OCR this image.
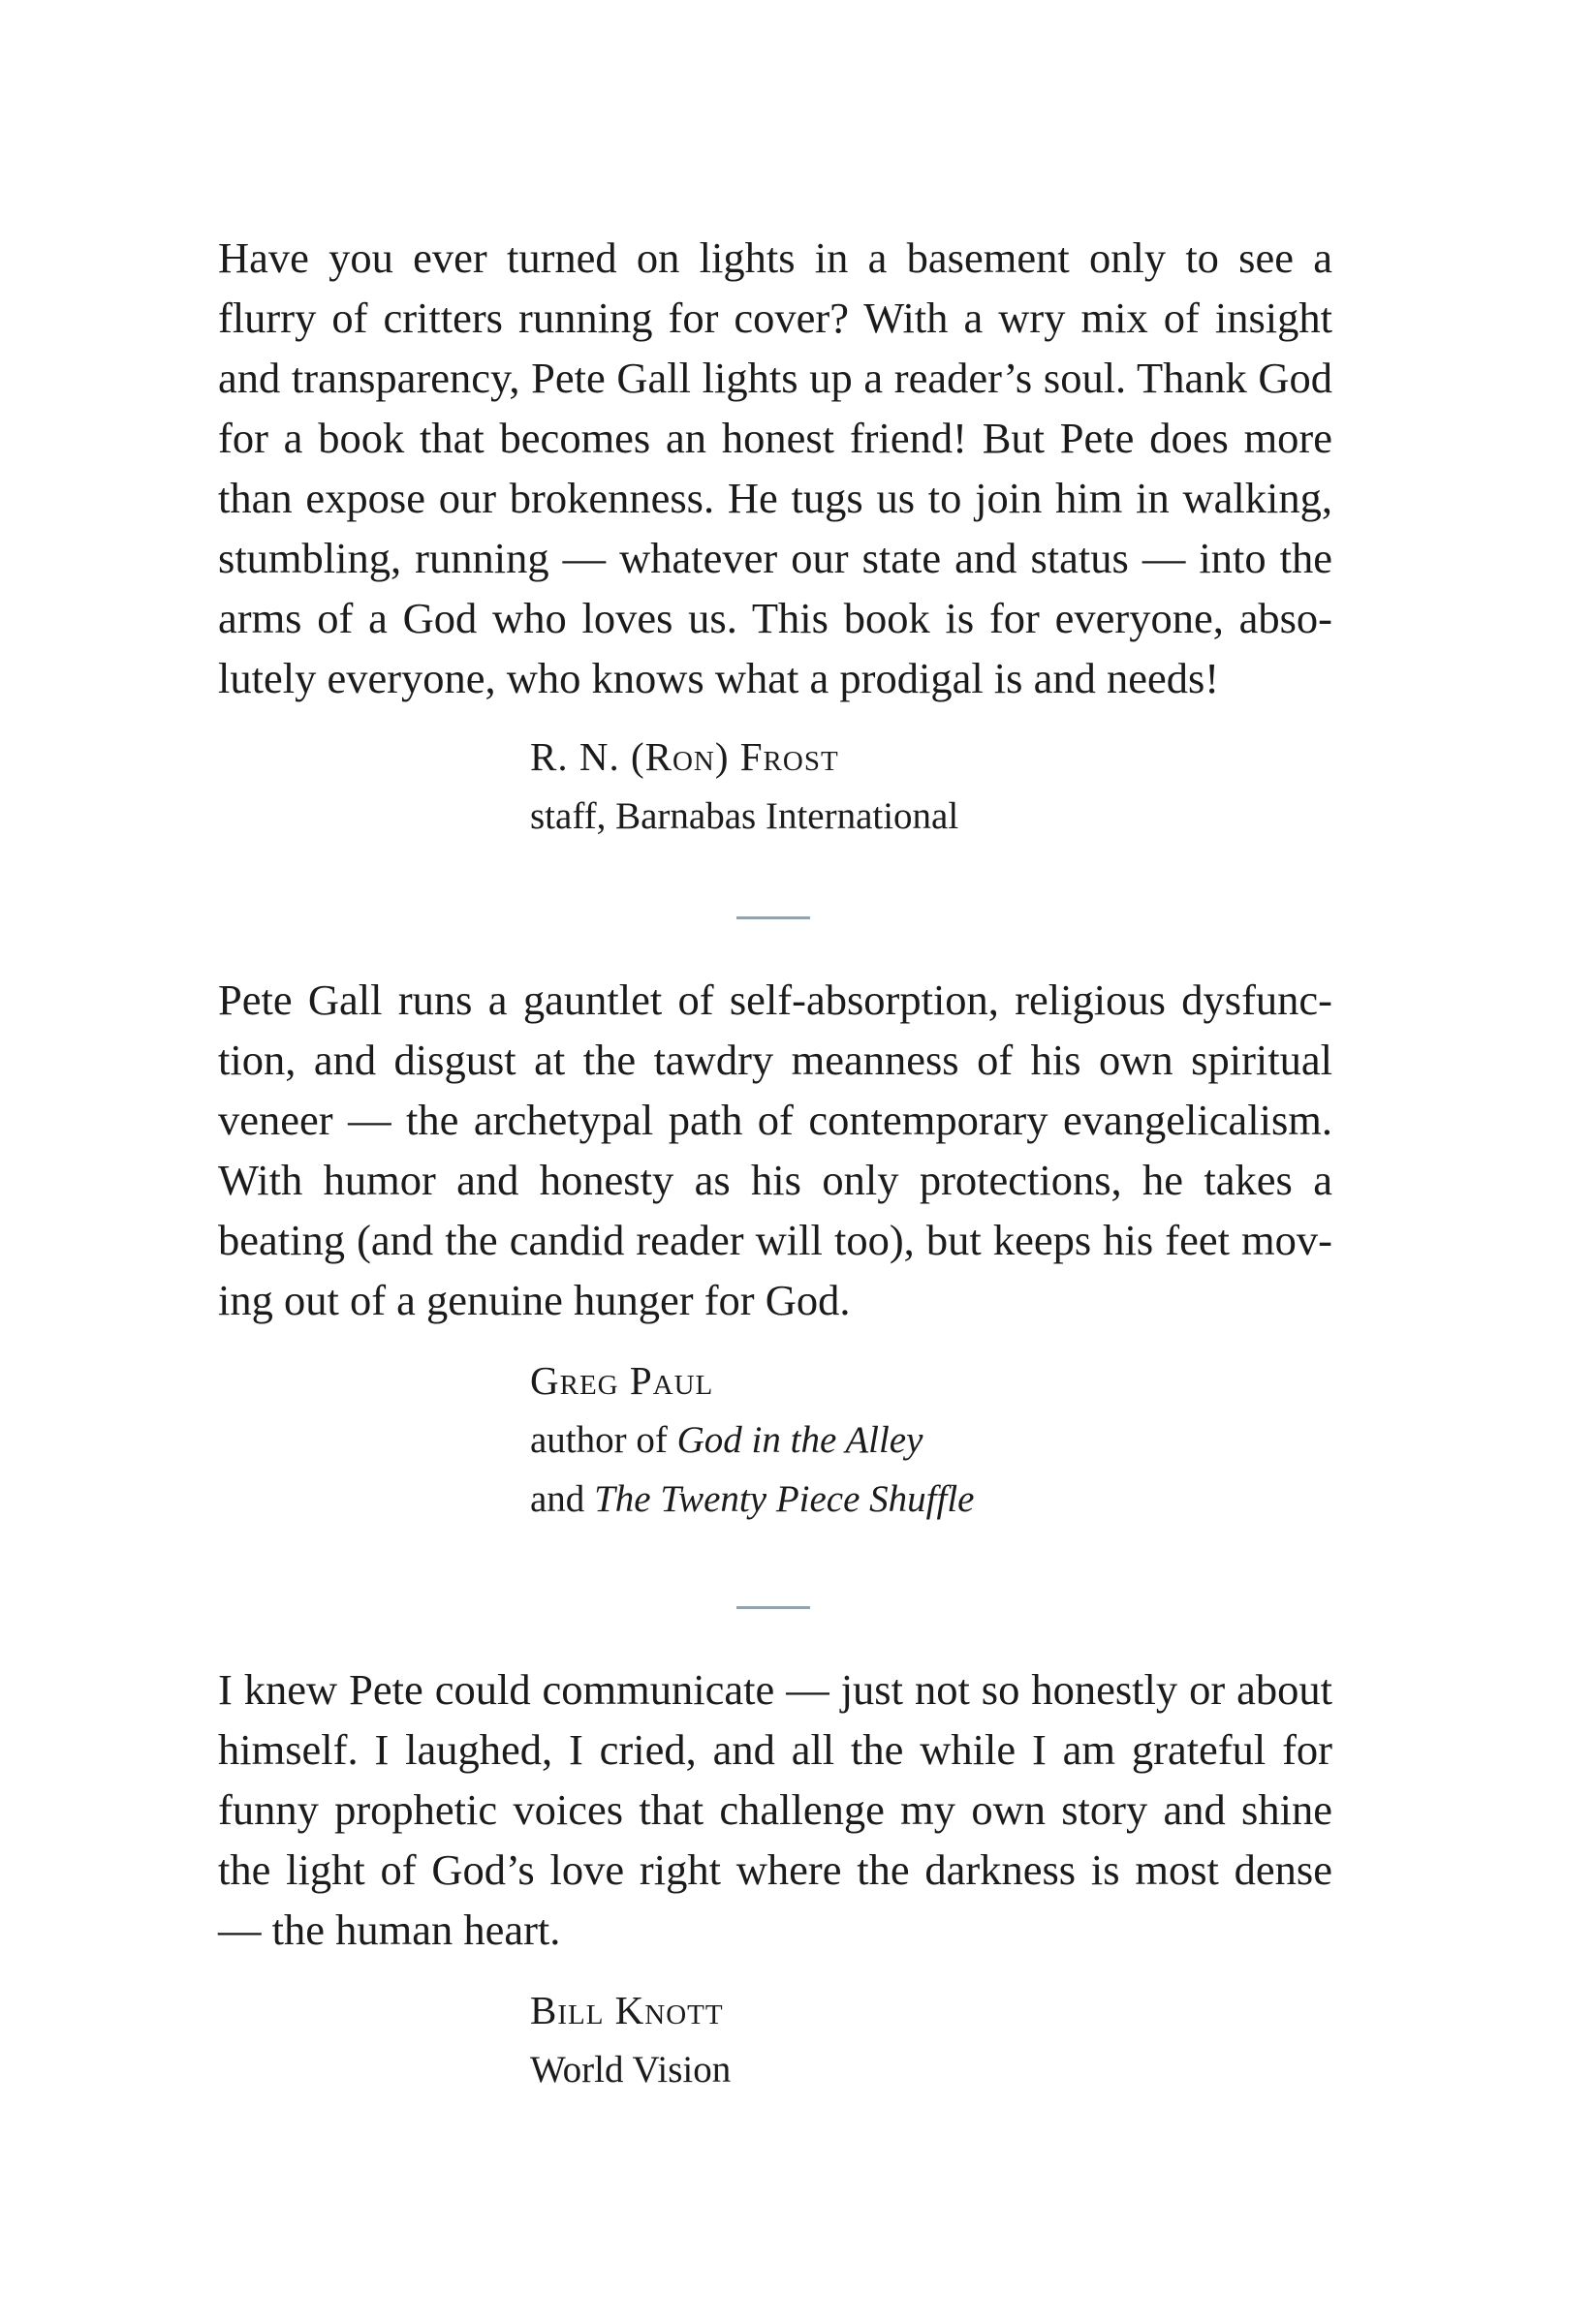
Have you ever turned on lights in a basement only to see a flurry of critters running for cover? With a wry mix of insight and transparency, Pete Gall lights up a reader’s soul. Thank God for a book that becomes an honest friend! But Pete does more than expose our brokenness. He tugs us to join him in walking, stumbling, running — whatever our state and status — into the arms of a God who loves us. This book is for everyone, absolutely everyone, who knows what a prodigal is and needs!

R. N. (Ron) Frost
staff, Barnabas International

Pete Gall runs a gauntlet of self-absorption, religious dysfunction, and disgust at the tawdry meanness of his own spiritual veneer — the archetypal path of contemporary evangelicalism. With humor and honesty as his only protections, he takes a beating (and the candid reader will too), but keeps his feet moving out of a genuine hunger for God.

Greg Paul
author of God in the Alley
and The Twenty Piece Shuffle

I knew Pete could communicate — just not so honestly or about himself. I laughed, I cried, and all the while I am grateful for funny prophetic voices that challenge my own story and shine the light of God’s love right where the darkness is most dense — the human heart.

Bill Knott
World Vision
